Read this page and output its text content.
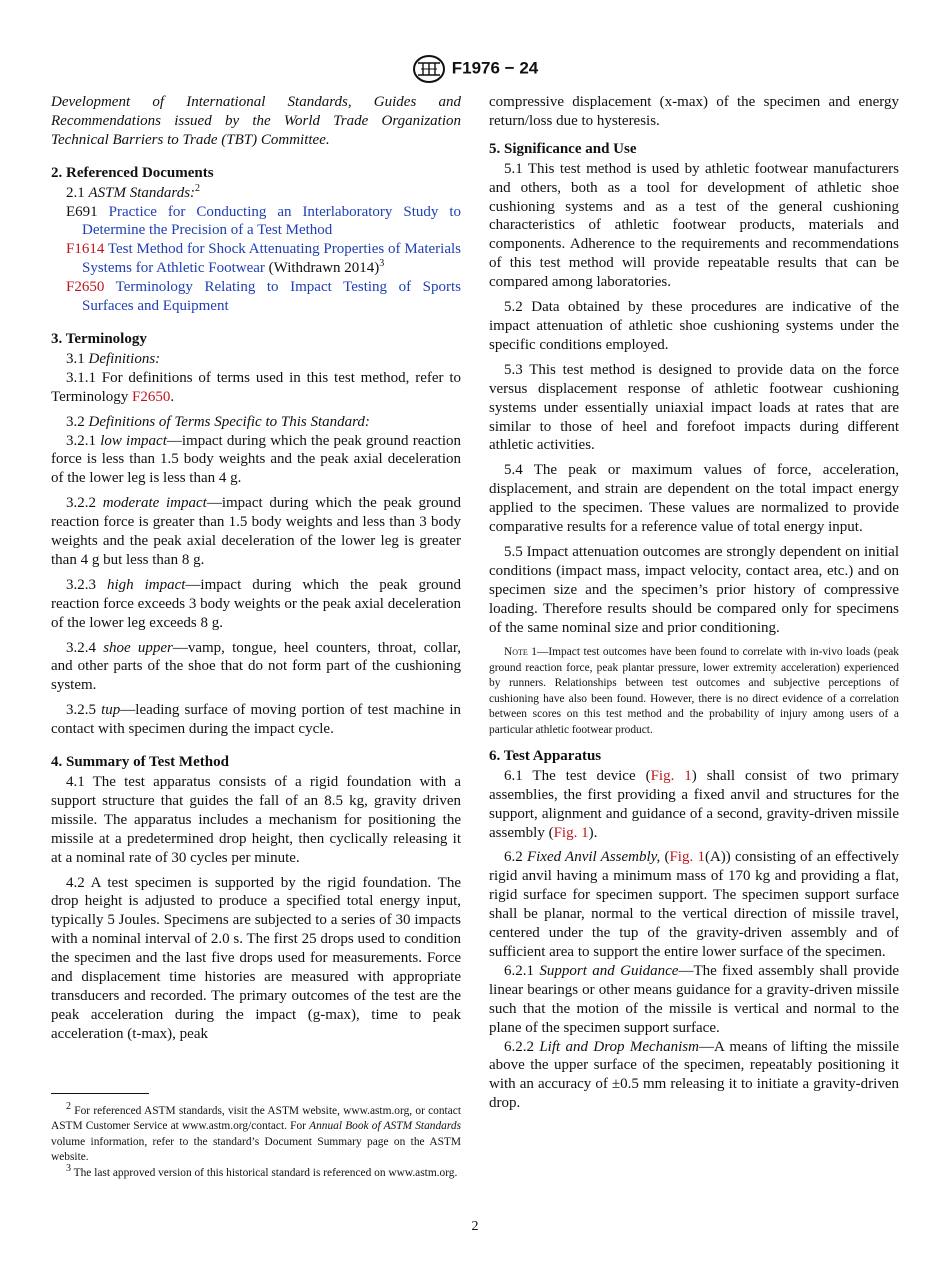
F1976 − 24

Development of International Standards, Guides and Recommendations issued by the World Trade Organization Technical Barriers to Trade (TBT) Committee.

2. Referenced Documents

2.1 ASTM Standards:$^2$

E691 Practice for Conducting an Interlaboratory Study to Determine the Precision of a Test Method

F1614 Test Method for Shock Attenuating Properties of Materials Systems for Athletic Footwear (Withdrawn 2014)$^3$

F2650 Terminology Relating to Impact Testing of Sports Surfaces and Equipment

3. Terminology

3.1 Definitions:

3.1.1 For definitions of terms used in this test method, refer to Terminology F2650.

3.2 Definitions of Terms Specific to This Standard:

3.2.1 low impact—impact during which the peak ground reaction force is less than 1.5 body weights and the peak axial deceleration of the lower leg is less than 4 g.

3.2.2 moderate impact—impact during which the peak ground reaction force is greater than 1.5 body weights and less than 3 body weights and the peak axial deceleration of the lower leg is greater than 4 g but less than 8 g.

3.2.3 high impact—impact during which the peak ground reaction force exceeds 3 body weights or the peak axial deceleration of the lower leg exceeds 8 g.

3.2.4 shoe upper—vamp, tongue, heel counters, throat, collar, and other parts of the shoe that do not form part of the cushioning system.

3.2.5 tup—leading surface of moving portion of test machine in contact with specimen during the impact cycle.

4. Summary of Test Method

4.1 The test apparatus consists of a rigid foundation with a support structure that guides the fall of an 8.5 kg, gravity driven missile. The apparatus includes a mechanism for positioning the missile at a predetermined drop height, then cyclically releasing it at a nominal rate of 30 cycles per minute.

4.2 A test specimen is supported by the rigid foundation. The drop height is adjusted to produce a specified total energy input, typically 5 Joules. Specimens are subjected to a series of 30 impacts with a nominal interval of 2.0 s. The first 25 drops used to condition the specimen and the last five drops used for measurements. Force and displacement time histories are measured with appropriate transducers and recorded. The primary outcomes of the test are the peak acceleration during the impact (g-max), time to peak acceleration (t-max), peak

$^2$ For referenced ASTM standards, visit the ASTM website, www.astm.org, or contact ASTM Customer Service at www.astm.org/contact. For Annual Book of ASTM Standards volume information, refer to the standard’s Document Summary page on the ASTM website.

$^3$ The last approved version of this historical standard is referenced on www.astm.org.

compressive displacement (x-max) of the specimen and energy return/loss due to hysteresis.

5. Significance and Use

5.1 This test method is used by athletic footwear manufacturers and others, both as a tool for development of athletic shoe cushioning systems and as a test of the general cushioning characteristics of athletic footwear products, materials and components. Adherence to the requirements and recommendations of this test method will provide repeatable results that can be compared among laboratories.

5.2 Data obtained by these procedures are indicative of the impact attenuation of athletic shoe cushioning systems under the specific conditions employed.

5.3 This test method is designed to provide data on the force versus displacement response of athletic footwear cushioning systems under essentially uniaxial impact loads at rates that are similar to those of heel and forefoot impacts during different athletic activities.

5.4 The peak or maximum values of force, acceleration, displacement, and strain are dependent on the total impact energy applied to the specimen. These values are normalized to provide comparative results for a reference value of total energy input.

5.5 Impact attenuation outcomes are strongly dependent on initial conditions (impact mass, impact velocity, contact area, etc.) and on specimen size and the specimen’s prior history of compressive loading. Therefore results should be compared only for specimens of the same nominal size and prior conditioning.

Note 1—Impact test outcomes have been found to correlate with in-vivo loads (peak ground reaction force, peak plantar pressure, lower extremity acceleration) experienced by runners. Relationships between test outcomes and subjective perceptions of cushioning have also been found. However, there is no direct evidence of a correlation between scores on this test method and the probability of injury among users of a particular athletic footwear product.

6. Test Apparatus

6.1 The test device (Fig. 1) shall consist of two primary assemblies, the first providing a fixed anvil and structures for the support, alignment and guidance of a second, gravity-driven missile assembly (Fig. 1).

6.2 Fixed Anvil Assembly, (Fig. 1(A)) consisting of an effectively rigid anvil having a minimum mass of 170 kg and providing a flat, rigid surface for specimen support. The specimen support surface shall be planar, normal to the vertical direction of missile travel, centered under the tup of the gravity-driven assembly and of sufficient area to support the entire lower surface of the specimen.

6.2.1 Support and Guidance—The fixed assembly shall provide linear bearings or other means guidance for a gravity-driven missile such that the motion of the missile is vertical and normal to the plane of the specimen support surface.

6.2.2 Lift and Drop Mechanism—A means of lifting the missile above the upper surface of the specimen, repeatably positioning it with an accuracy of ±0.5 mm releasing it to initiate a gravity-driven drop.

2
